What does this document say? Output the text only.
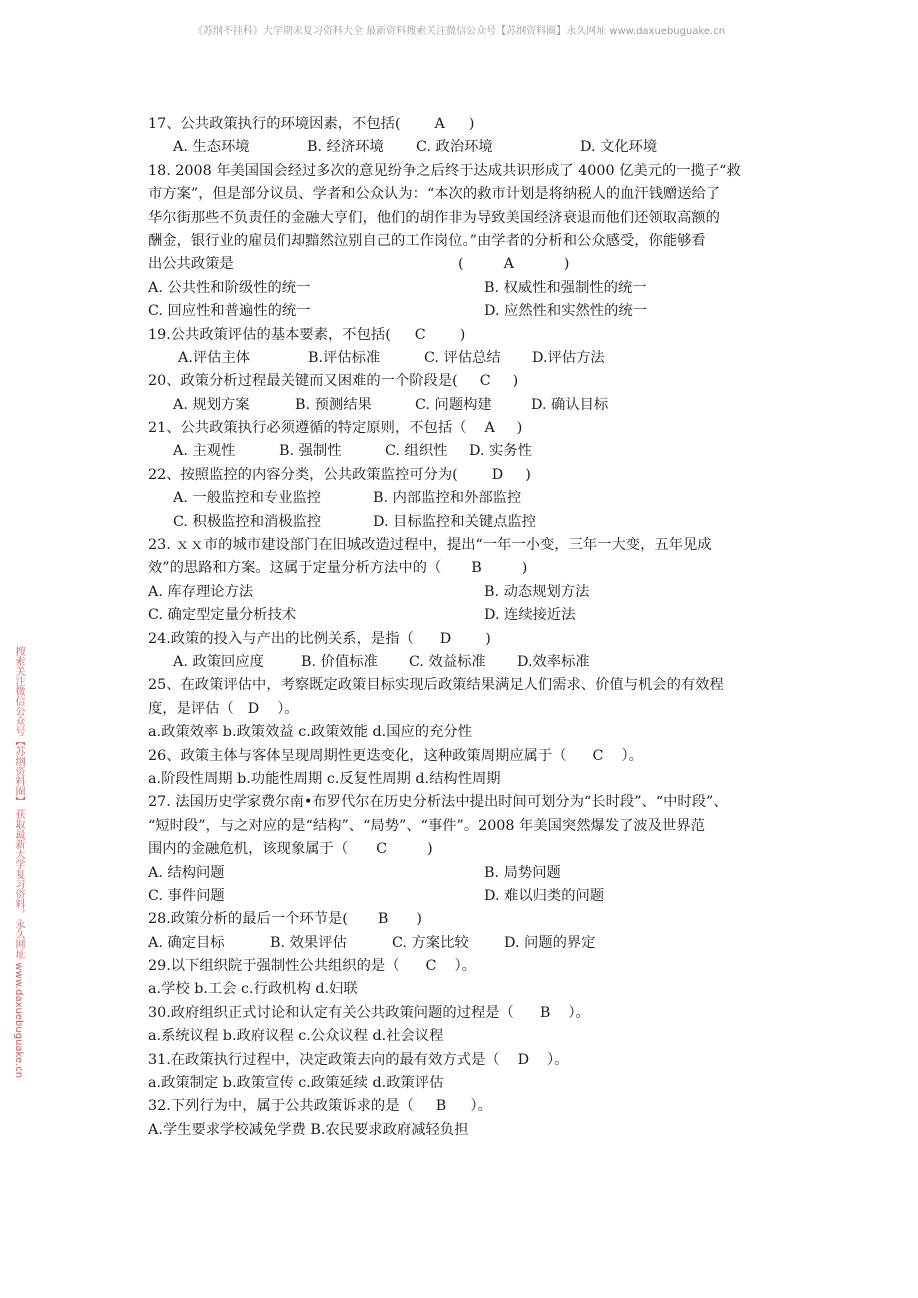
《苏纲不挂科》大学期末复习资料大全 最新资料搜索关注微信公众号【苏纲资料圈】永久网址 www.daxuebuguake.cn
搜索关注微信公众号【苏纲资料圈】 获取最新大学复习资料，永久网址 www.daxuebuguake.cn
17、公共政策执行的环境因素，不包括( A )
A. 生态环境	B. 经济环境 C. 政治环境	D. 文化环境
18. 2008 年美国国会经过多次的意见纷争之后终于达成共识形成了 4000 亿美元的一揽子“救
市方案”，但是部分议员、学者和公众认为：“本次的救市计划是将纳税人的血汗钱赠送给了
华尔街那些不负责任的金融大亨们，他们的胡作非为导致美国经济衰退而他们还领取高额的
酬金，银行业的雇员们却黯然泣别自己的工作岗位。”由学者的分析和公众感受，你能够看
出公共政策是	(	A	)
A. 公共性和阶级性的统一	B. 权威性和强制性的统一
C. 回应性和普遍性的统一	D. 应然性和实然性的统一
19.公共政策评估的基本要素，不包括( C )
A.评估主体	B.评估标准	C. 评估总结 D.评估方法
20、政策分析过程最关键而又困难的一个阶段是( C )
A. 规划方案	B. 预测结果	C. 问题构建	D. 确认目标
21、公共政策执行必须遵循的特定原则，不包括（ A )
A. 主观性	B. 强制性	C. 组织性 D. 实务性
22、按照监控的内容分类，公共政策监控可分为( D )
A. 一般监控和专业监控	B. 内部监控和外部监控
C. 积极监控和消极监控	D. 目标监控和关键点监控
23. ｘｘ市的城市建设部门在旧城改造过程中，提出“一年一小变，三年一大变，五年见成
效”的思路和方案。这属于定量分析方法中的（ B	)
A. 库存理论方法	B. 动态规划方法
C. 确定型定量分析技术	D. 连续接近法
24.政策的投入与产出的比例关系，是指（ D )
A. 政策回应度	B. 价值标准 C. 效益标准 D.效率标准
25、在政策评估中，考察既定政策目标实现后政策结果满足人们需求、价值与机会的有效程
度，是评估（ D ）。
a.政策效率 b.政策效益 c.政策效能 d.国应的充分性
26、政策主体与客体呈现周期性更迭变化，这种政策周期应属于（ C ）。
a.阶段性周期 b.功能性周期 c.反复性周期 d.结构性周期
27. 法国历史学家费尔南•布罗代尔在历史分析法中提出时间可划分为“长时段”、“中时段”、
“短时段”，与之对应的是“结构”、“局势”、“事件”。2008 年美国突然爆发了波及世界范
围内的金融危机，该现象属于（ C	)
A. 结构问题	B. 局势问题
C. 事件问题	D. 难以归类的问题
28.政策分析的最后一个环节是( B )
A. 确定目标	B. 效果评估	C. 方案比较 D. 问题的界定
29.以下组织院于强制性公共组织的是（ C ）。
a.学校 b.工会 c.行政机构 d.妇联
30.政府组织正式讨论和认定有关公共政策问题的过程是（ B ）。
a.系统议程 b.政府议程 c.公众议程 d.社会议程
31.在政策执行过程中，决定政策去向的最有效方式是（ D ）。
a.政策制定 b.政策宣传 c.政策延续 d.政策评估
32.下列行为中，属于公共政策诉求的是（ B ）。
A.学生要求学校减免学费 B.农民要求政府减轻负担
